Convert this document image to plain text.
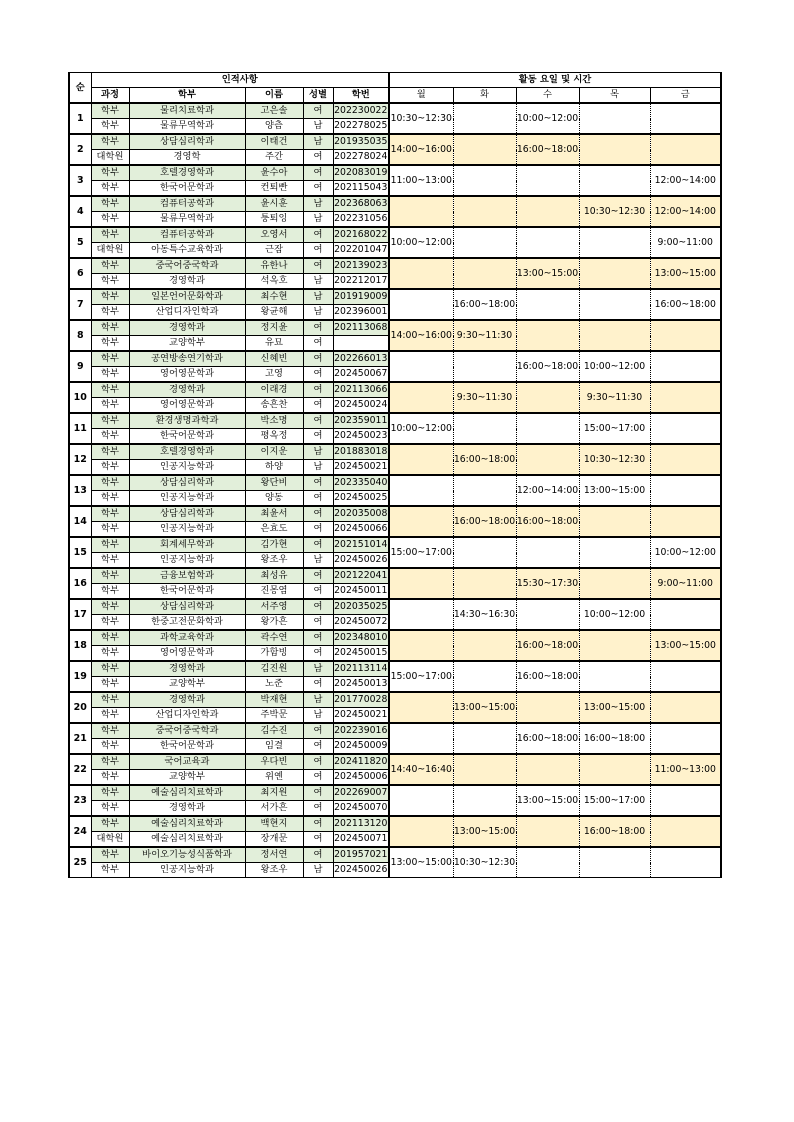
순	인적사항					활동 요일 및 시간				
	과정	학부	이름	성별	학번	월	화	수	목	금
1	학부	물리치료학과	고은솔	여	202230022	10:30~12:30		10:00~12:00		
	학부	물류무역학과	양츰	남	202278025					
2	학부	상담심리학과	이태건	남	201935035	14:00~16:00		16:00~18:00		
	대학원	경영학	주간	여	202278024					
3	학부	호텔경영학과	윤수아	여	202083019	11:00~13:00				12:00~14:00
	학부	한국어문학과	컨퇴빤	여	202115043					
4	학부	컴퓨터공학과	윤시훈	남	202368063				10:30~12:30	12:00~14:00
	학부	물류무역학과	퉁퇴잉	남	202231056					
5	학부	컴퓨터공학과	오영서	여	202168022	10:00~12:00				9:00~11:00
	대학원	아동특수교육학과	근잠	여	202201047					
6	학부	중국어중국학과	유한나	여	202139023			13:00~15:00		13:00~15:00
	학부	경영학과	석옥호	남	202212017					
7	학부	일본언어문화학과	최수현	남	201919009		16:00~18:00			16:00~18:00
	학부	산업디자인학과	왕균해	남	202396001					
8	학부	경영학과	정지윤	여	202113068	14:00~16:00	9:30~11:30			
	학부	교양학부	유묘	여						
9	학부	공연방송연기학과	신혜빈	여	202266013			16:00~18:00	10:00~12:00	
	학부	영어영문학과	고영	여	202450067					
10	학부	경영학과	이래경	여	202113066		9:30~11:30		9:30~11:30	
	학부	영어영문학과	송흔찬	여	202450024					
11	학부	환경생명과학과	박소명	여	202359011	10:00~12:00			15:00~17:00	
	학부	한국어문학과	평옥정	여	202450023					
12	학부	호텔경영학과	이지운	남	201883018		16:00~18:00		10:30~12:30	
	학부	인공지능학과	하양	남	202450021					
13	학부	상담심리학과	왕단비	여	202335040			12:00~14:00	13:00~15:00	
	학부	인공지능학과	양동	여	202450025					
14	학부	상담심리학과	최윤서	여	202035008		16:00~18:00	16:00~18:00		
	학부	인공지능학과	은효도	여	202450066					
15	학부	회계세무학과	김가현	여	202151014	15:00~17:00				10:00~12:00
	학부	인공지능학과	왕조우	남	202450026					
16	학부	금융보험학과	최성유	여	202122041			15:30~17:30		9:00~11:00
	학부	한국어문학과	진몽염	여	202450011					
17	학부	상담심리학과	서주영	여	202035025		14:30~16:30		10:00~12:00	
	학부	한중고전문화학과	왕가흔	여	202450072					
18	학부	과학교육학과	곽수연	여	202348010			16:00~18:00		13:00~15:00
	학부	영어영문학과	가함빙	여	202450015					
19	학부	경영학과	김진원	남	202113114	15:00~17:00		16:00~18:00		
	학부	교양학부	노준	여	202450013					
20	학부	경영학과	박재현	남	201770028		13:00~15:00		13:00~15:00	
	학부	산업디자인학과	주박문	남	202450021					
21	학부	중국어중국학과	김수진	여	202239016			16:00~18:00	16:00~18:00	
	학부	한국어문학과	임결	여	202450009					
22	학부	국어교육과	우다빈	여	202411820	14:40~16:40				11:00~13:00
	학부	교양학부	위옌	여	202450006					
23	학부	예술심리치료학과	최지원	여	202269007			13:00~15:00	15:00~17:00	
	학부	경영학과	서가흔	여	202450070					
24	학부	예술심리치료학과	백현지	여	202113120		13:00~15:00		16:00~18:00	
	대학원	예술심리치료학과	장개문	여	202450071					
25	학부	바이오기능성식품학과	정서연	여	201957021	13:00~15:00	10:30~12:30			
	학부	인공지능학과	왕조우	남	202450026					
